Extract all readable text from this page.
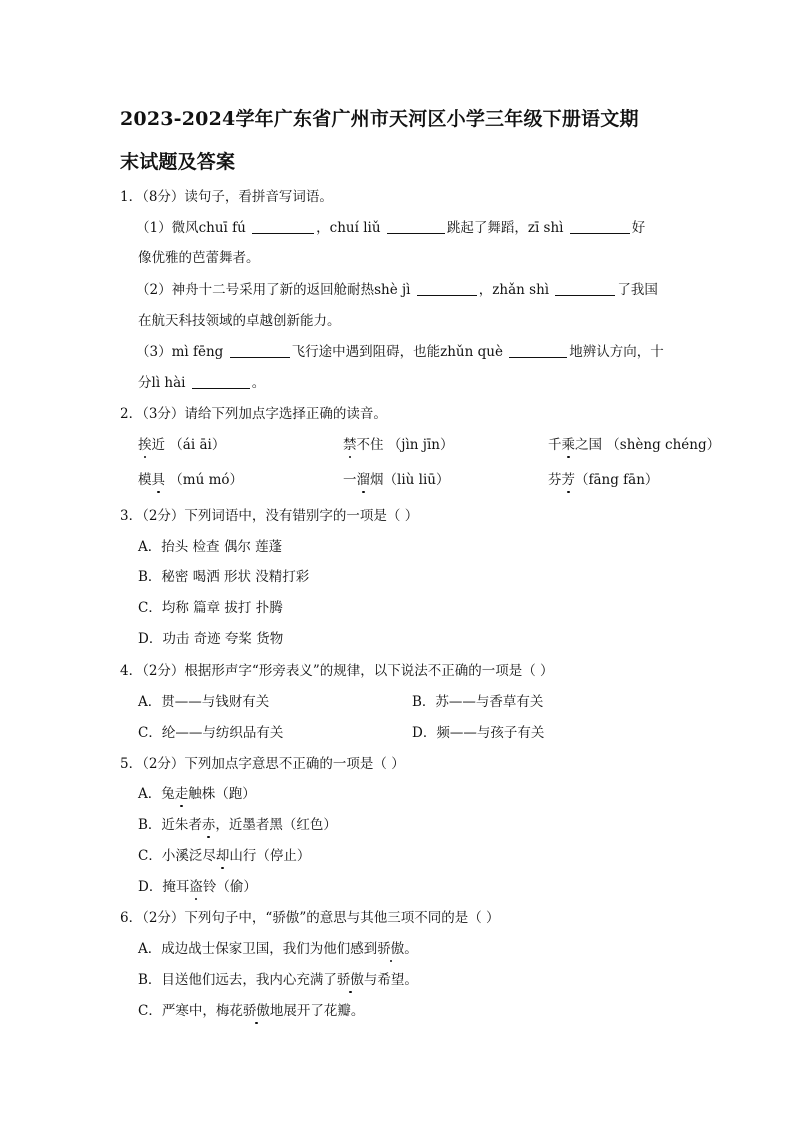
2023-2024学年广东省广州市天河区小学三年级下册语文期
末试题及答案
1．（8分）读句子，看拼音写词语。
（1）微风chuī fú	，chuí liǔ	跳起了舞蹈，zī shì	好
像优雅的芭蕾舞者。
（2）神舟十二号采用了新的返回舱耐热shè jì	，zhǎn shì	了我国
在航天科技领域的卓越创新能力。
（3）mì fēng	飞行途中遇到阻碍，也能zhǔn què	地辨认方向，十
分lì hài	。
2．（3分）请给下列加点字选择正确的读音。
挨近 （ái āi）	禁不住 （jìn jīn）	千乘之国 （shèng chéng）
模具 （mú mó）	一溜烟（liù liū）	芬芳（fāng fān）
3．（2分）下列词语中，没有错别字的一项是（ ）
A．抬头 检查 偶尔 莲蓬
B．秘密 喝洒 形状 没精打彩
C．均称 篇章 拔打 扑腾
D．功击 奇迹 夸桨 货物
4．（2分）根据形声字“形旁表义”的规律，以下说法不正确的一项是（ ）
A．贯——与钱财有关	B．苏——与香草有关
C．纶——与纺织品有关	D．频——与孩子有关
5．（2分）下列加点字意思不正确的一项是（ ）
A．兔走触株（跑）
B．近朱者赤，近墨者黑（红色）
C．小溪泛尽却山行（停止）
D．掩耳盗铃（偷）
6．（2分）下列句子中，“骄傲”的意思与其他三项不同的是（ ）
A．成边战士保家卫国，我们为他们感到骄傲。
B．目送他们远去，我内心充满了骄傲与希望。
C．严寒中，梅花骄傲地展开了花瓣。
